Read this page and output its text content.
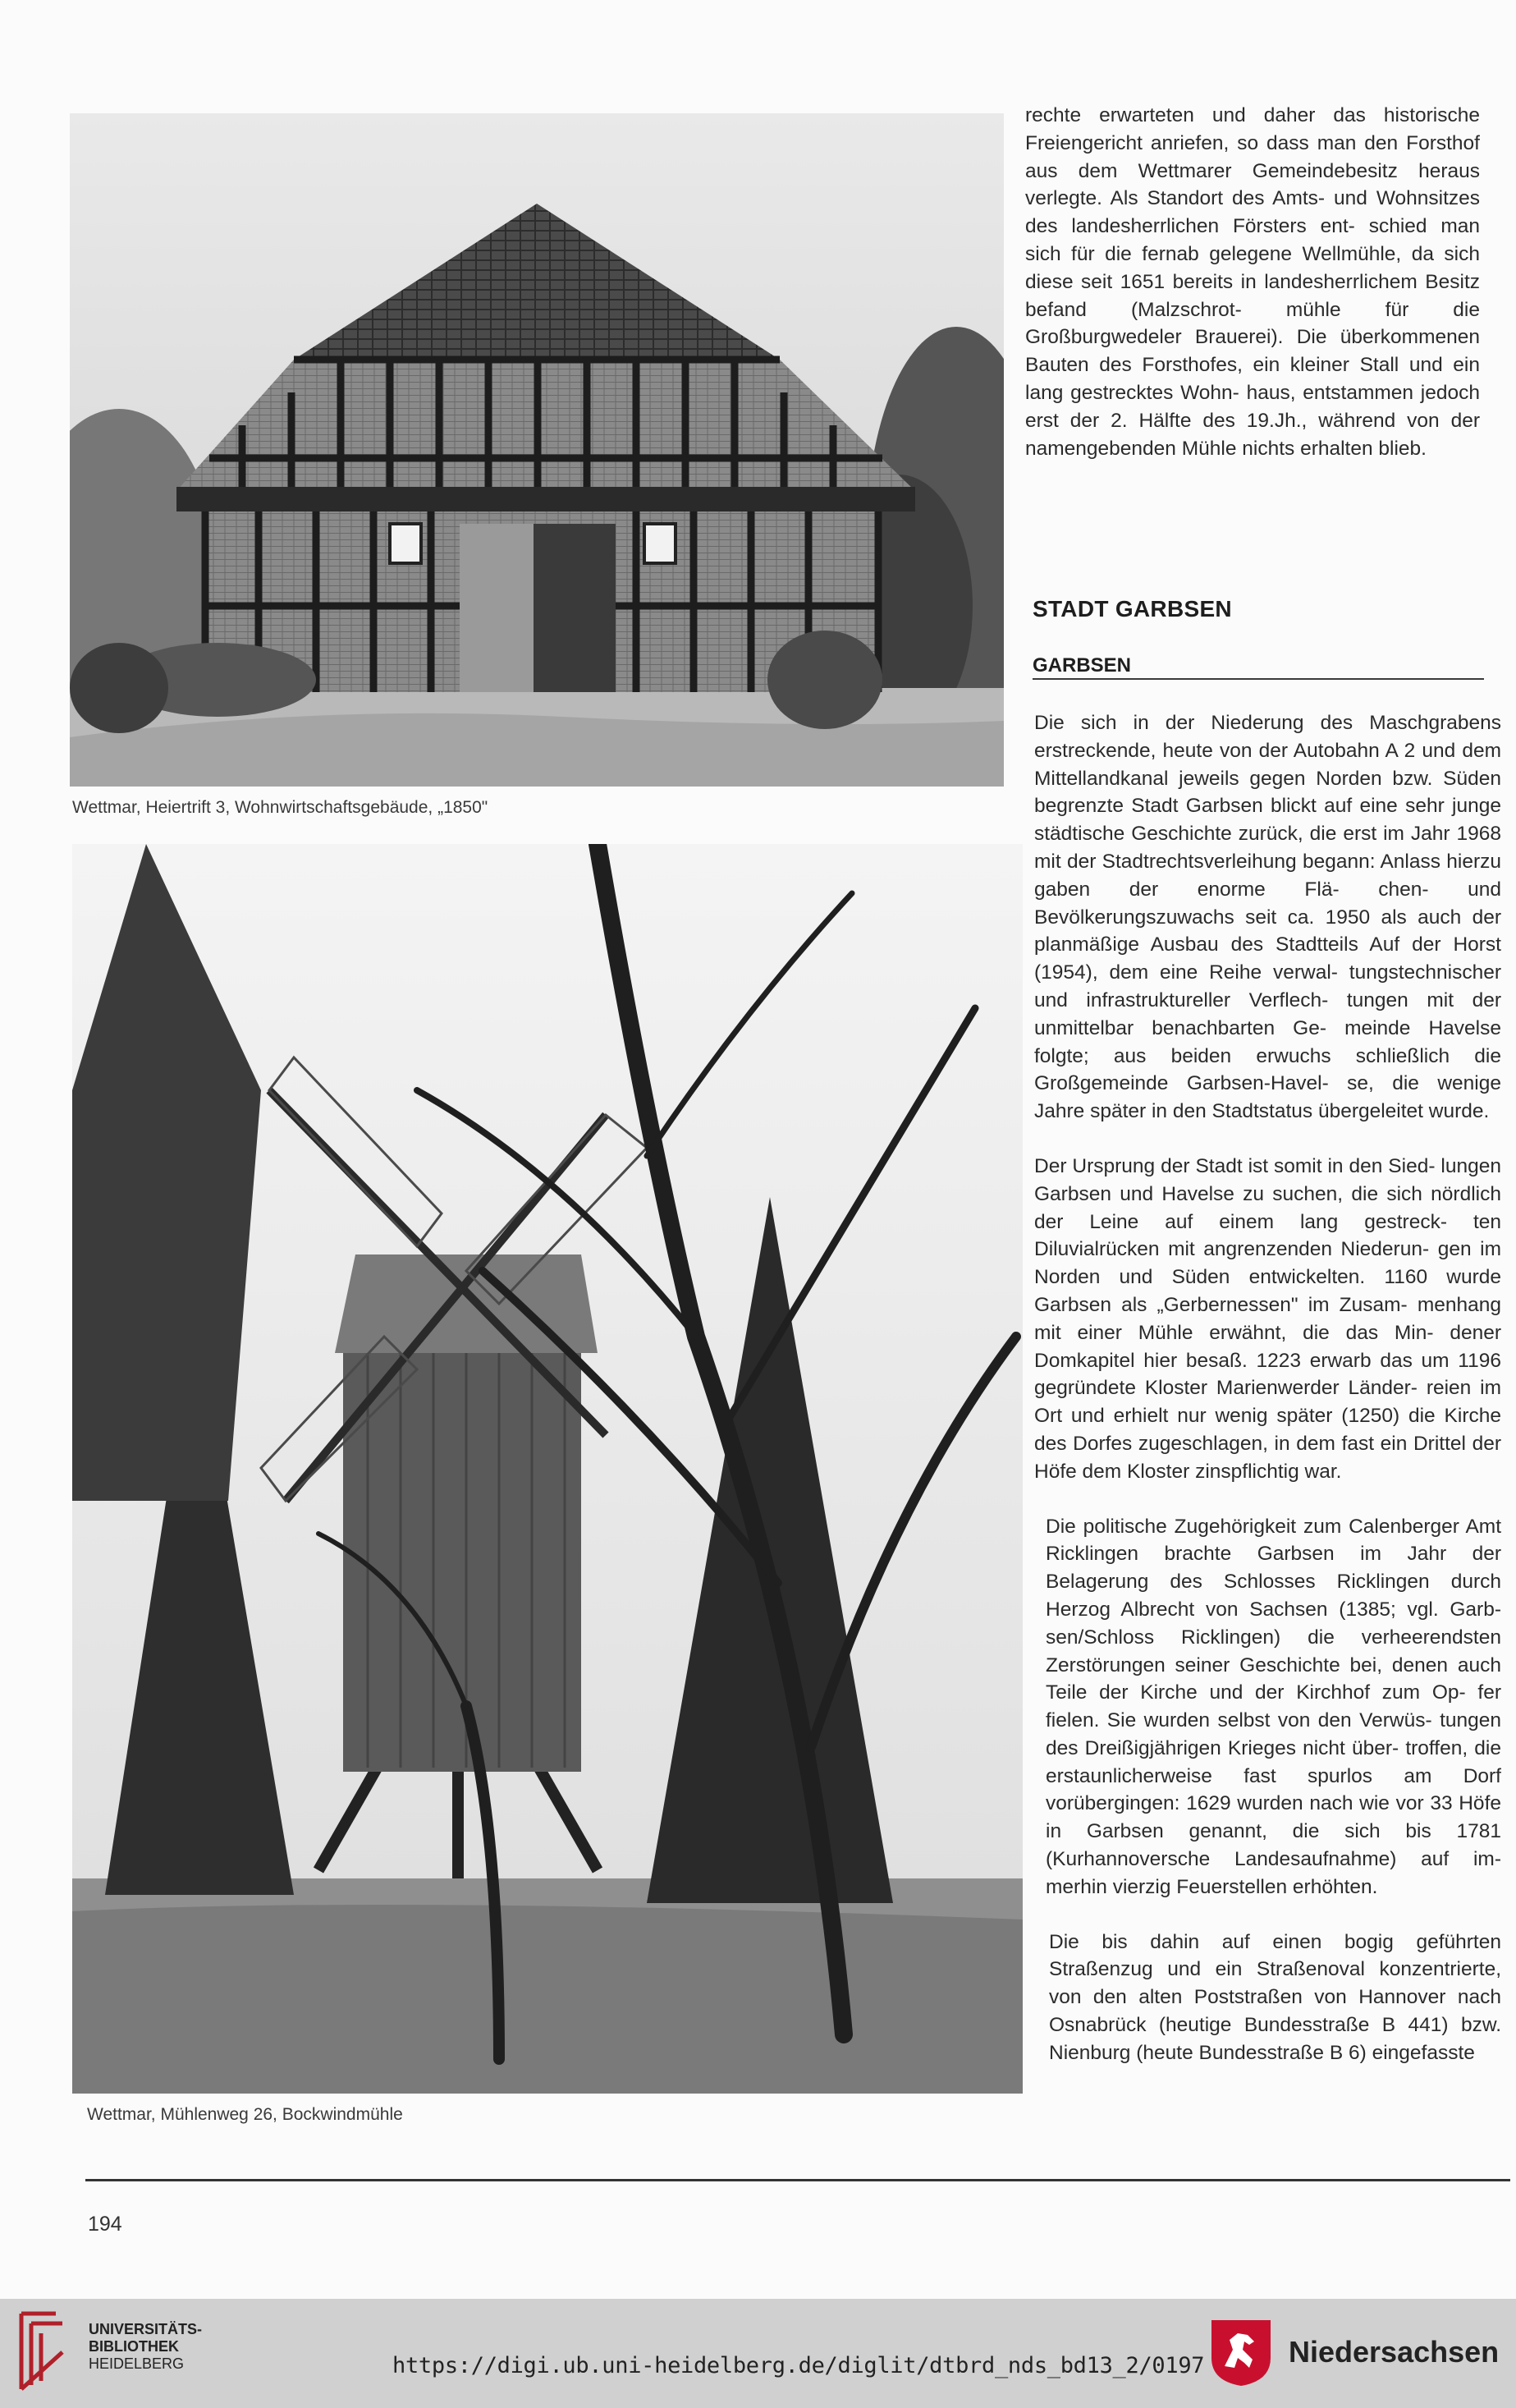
Wettmar, Heiertrift 3, Wohnwirtschaftsgebäude, „1850"
Wettmar, Mühlenweg 26, Bockwindmühle

rechte erwarteten und daher das historische Freiengericht anriefen, so dass man den Forsthof aus dem Wettmarer Gemeindebesitz heraus verlegte. Als Standort des Amts- und Wohnsitzes des landesherrlichen Försters ent- schied man sich für die fernab gelegene Wellmühle, da sich diese seit 1651 bereits in landesherrlichem Besitz befand (Malzschrot- mühle für die Großburgwedeler Brauerei). Die überkommenen Bauten des Forsthofes, ein kleiner Stall und ein lang gestrecktes Wohn- haus, entstammen jedoch erst der 2. Hälfte des 19.Jh., während von der namengebenden Mühle nichts erhalten blieb.

STADT GARBSEN
GARBSEN

Die sich in der Niederung des Maschgrabens erstreckende, heute von der Autobahn A 2 und dem Mittellandkanal jeweils gegen Norden bzw. Süden begrenzte Stadt Garbsen blickt auf eine sehr junge städtische Geschichte zurück, die erst im Jahr 1968 mit der Stadtrechtsverleihung begann: Anlass hierzu gaben der enorme Flä- chen- und Bevölkerungszuwachs seit ca. 1950 als auch der planmäßige Ausbau des Stadtteils Auf der Horst (1954), dem eine Reihe verwal- tungstechnischer und infrastruktureller Verflech- tungen mit der unmittelbar benachbarten Ge- meinde Havelse folgte; aus beiden erwuchs schließlich die Großgemeinde Garbsen-Havel- se, die wenige Jahre später in den Stadtstatus übergeleitet wurde.

Der Ursprung der Stadt ist somit in den Sied- lungen Garbsen und Havelse zu suchen, die sich nördlich der Leine auf einem lang gestreck- ten Diluvialrücken mit angrenzenden Niederun- gen im Norden und Süden entwickelten. 1160 wurde Garbsen als „Gerbernessen" im Zusam- menhang mit einer Mühle erwähnt, die das Min- dener Domkapitel hier besaß. 1223 erwarb das um 1196 gegründete Kloster Marienwerder Länder- reien im Ort und erhielt nur wenig später (1250) die Kirche des Dorfes zugeschlagen, in dem fast ein Drittel der Höfe dem Kloster zinspflichtig war.

Die politische Zugehörigkeit zum Calenberger Amt Ricklingen brachte Garbsen im Jahr der Belagerung des Schlosses Ricklingen durch Herzog Albrecht von Sachsen (1385; vgl. Garb- sen/Schloss Ricklingen) die verheerendsten Zerstörungen seiner Geschichte bei, denen auch Teile der Kirche und der Kirchhof zum Op- fer fielen. Sie wurden selbst von den Verwüs- tungen des Dreißigjährigen Krieges nicht über- troffen, die erstaunlicherweise fast spurlos am Dorf vorübergingen: 1629 wurden nach wie vor 33 Höfe in Garbsen genannt, die sich bis 1781 (Kurhannoversche Landesaufnahme) auf im- merhin vierzig Feuerstellen erhöhten.

Die bis dahin auf einen bogig geführten Straßenzug und ein Straßenoval konzentrierte, von den alten Poststraßen von Hannover nach Osnabrück (heutige Bundesstraße B 441) bzw. Nienburg (heute Bundesstraße B 6) eingefasste

194
UNIVERSITÄTS-
BIBLIOTHEK
HEIDELBERG	https://digi.ub.uni-heidelberg.de/diglit/dtbrd_nds_bd13_2/0197	Niedersachsen
